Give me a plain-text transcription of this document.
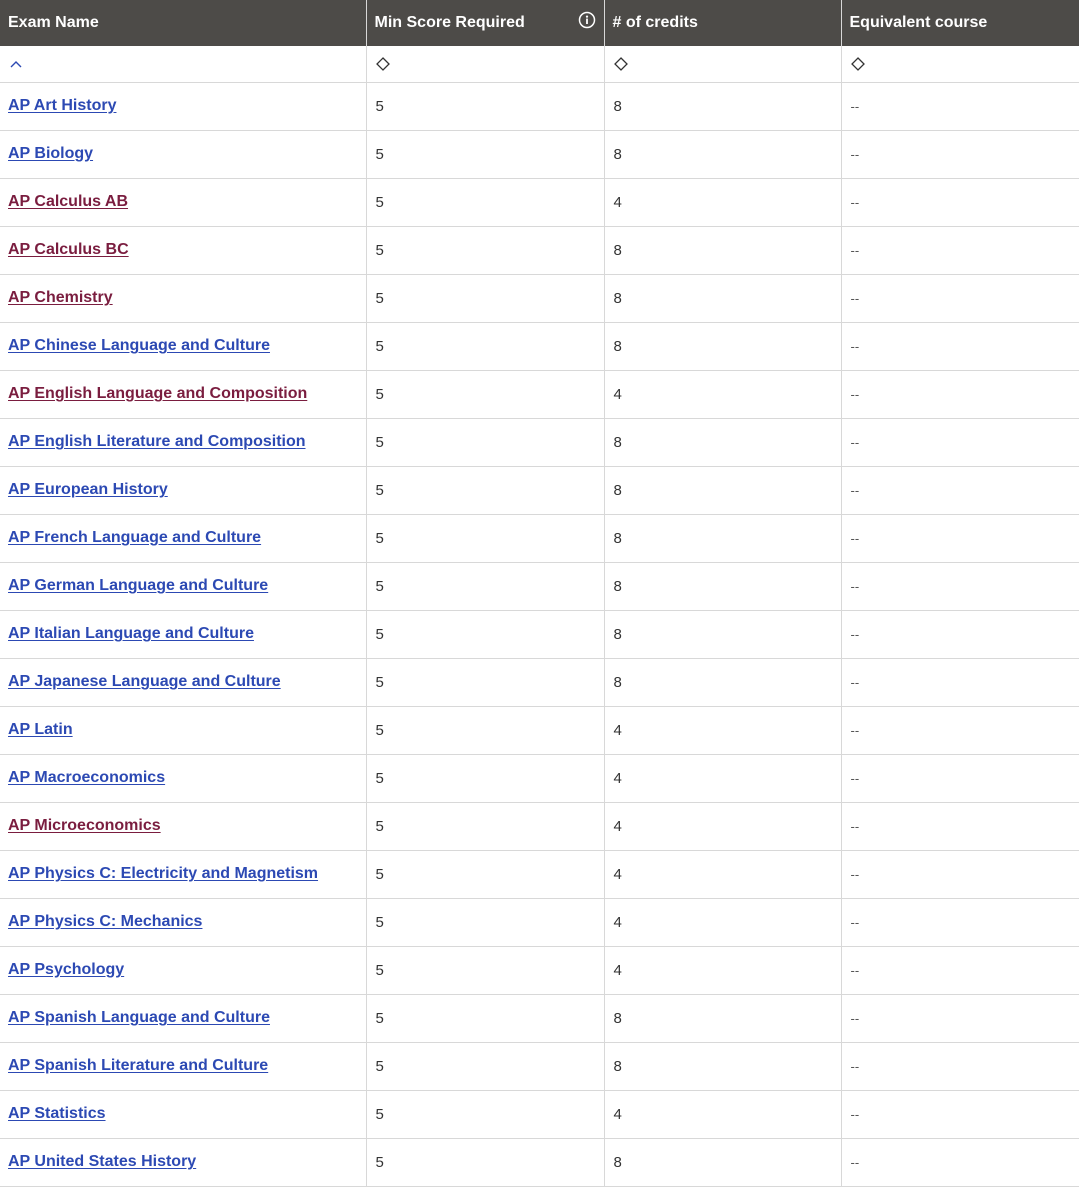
Exam Name	Min Score Required	# of credits	Equivalent course

AP Art History	5	8	--
AP Biology	5	8	--
AP Calculus AB	5	4	--
AP Calculus BC	5	8	--
AP Chemistry	5	8	--
AP Chinese Language and Culture	5	8	--
AP English Language and Composition	5	4	--
AP English Literature and Composition	5	8	--
AP European History	5	8	--
AP French Language and Culture	5	8	--
AP German Language and Culture	5	8	--
AP Italian Language and Culture	5	8	--
AP Japanese Language and Culture	5	8	--
AP Latin	5	4	--
AP Macroeconomics	5	4	--
AP Microeconomics	5	4	--
AP Physics C: Electricity and Magnetism	5	4	--
AP Physics C: Mechanics	5	4	--
AP Psychology	5	4	--
AP Spanish Language and Culture	5	8	--
AP Spanish Literature and Culture	5	8	--
AP Statistics	5	4	--
AP United States History	5	8	--
